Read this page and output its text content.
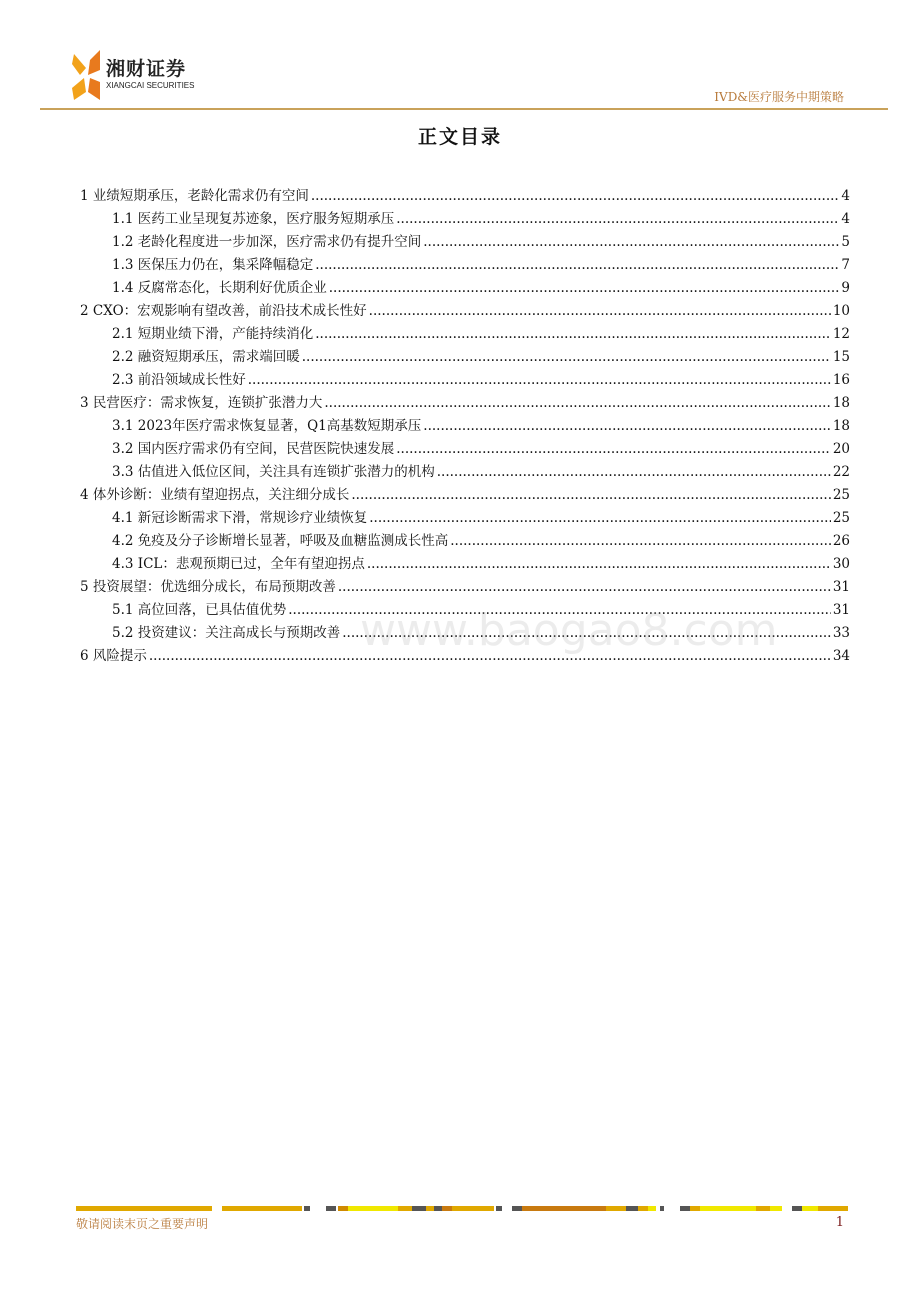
湘财证券
XIANGCAI SECURITIES
IVD&医疗服务中期策略
正文目录
1 业绩短期承压，老龄化需求仍有空间 .....	4
1.1 医药工业呈现复苏迹象，医疗服务短期承压 .....	4
1.2 老龄化程度进一步加深，医疗需求仍有提升空间 .....	5
1.3 医保压力仍在，集采降幅稳定 .....	7
1.4 反腐常态化，长期利好优质企业 .....	9
2 CXO：宏观影响有望改善，前沿技术成长性好 .....	10
2.1 短期业绩下滑，产能持续消化 .....	12
2.2 融资短期承压，需求端回暖 .....	15
2.3 前沿领域成长性好 .....	16
3 民营医疗：需求恢复，连锁扩张潜力大 .....	18
3.1 2023年医疗需求恢复显著，Q1高基数短期承压 .....	18
3.2 国内医疗需求仍有空间，民营医院快速发展 .....	20
3.3 估值进入低位区间，关注具有连锁扩张潜力的机构 .....	22
4 体外诊断：业绩有望迎拐点，关注细分成长 .....	25
4.1 新冠诊断需求下滑，常规诊疗业绩恢复 .....	25
4.2 免疫及分子诊断增长显著，呼吸及血糖监测成长性高 .....	26
4.3 ICL：悲观预期已过，全年有望迎拐点 .....	30
5 投资展望：优选细分成长，布局预期改善 .....	31
5.1 高位回落，已具估值优势 .....	31
5.2 投资建议：关注高成长与预期改善 .....	33
6 风险提示 .....	34
www.baogao8.com
敬请阅读末页之重要声明	1
